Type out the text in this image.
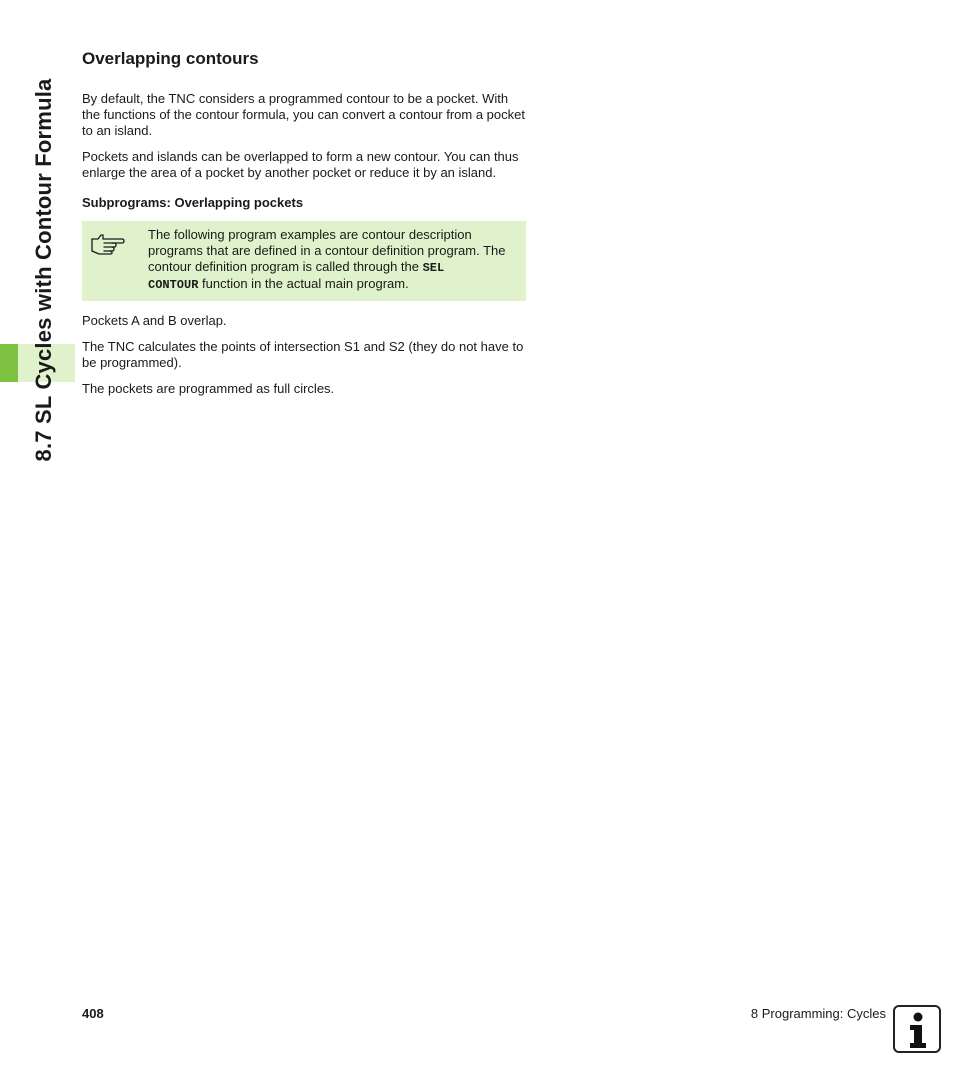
8.7 SL Cycles with Contour Formula
Overlapping contours

By default, the TNC considers a programmed contour to be a pocket. With the functions of the contour formula, you can convert a contour from a pocket to an island.

Pockets and islands can be overlapped to form a new contour. You can thus enlarge the area of a pocket by another pocket or reduce it by an island.

Subprograms: Overlapping pockets
The following program examples are contour description programs that are defined in a contour definition program. The contour definition program is called through the SEL
CONTOUR function in the actual main program.

Pockets A and B overlap.

The TNC calculates the points of intersection S1 and S2 (they do not have to be programmed).

The pockets are programmed as full circles.

408	8 Programming: Cycles
